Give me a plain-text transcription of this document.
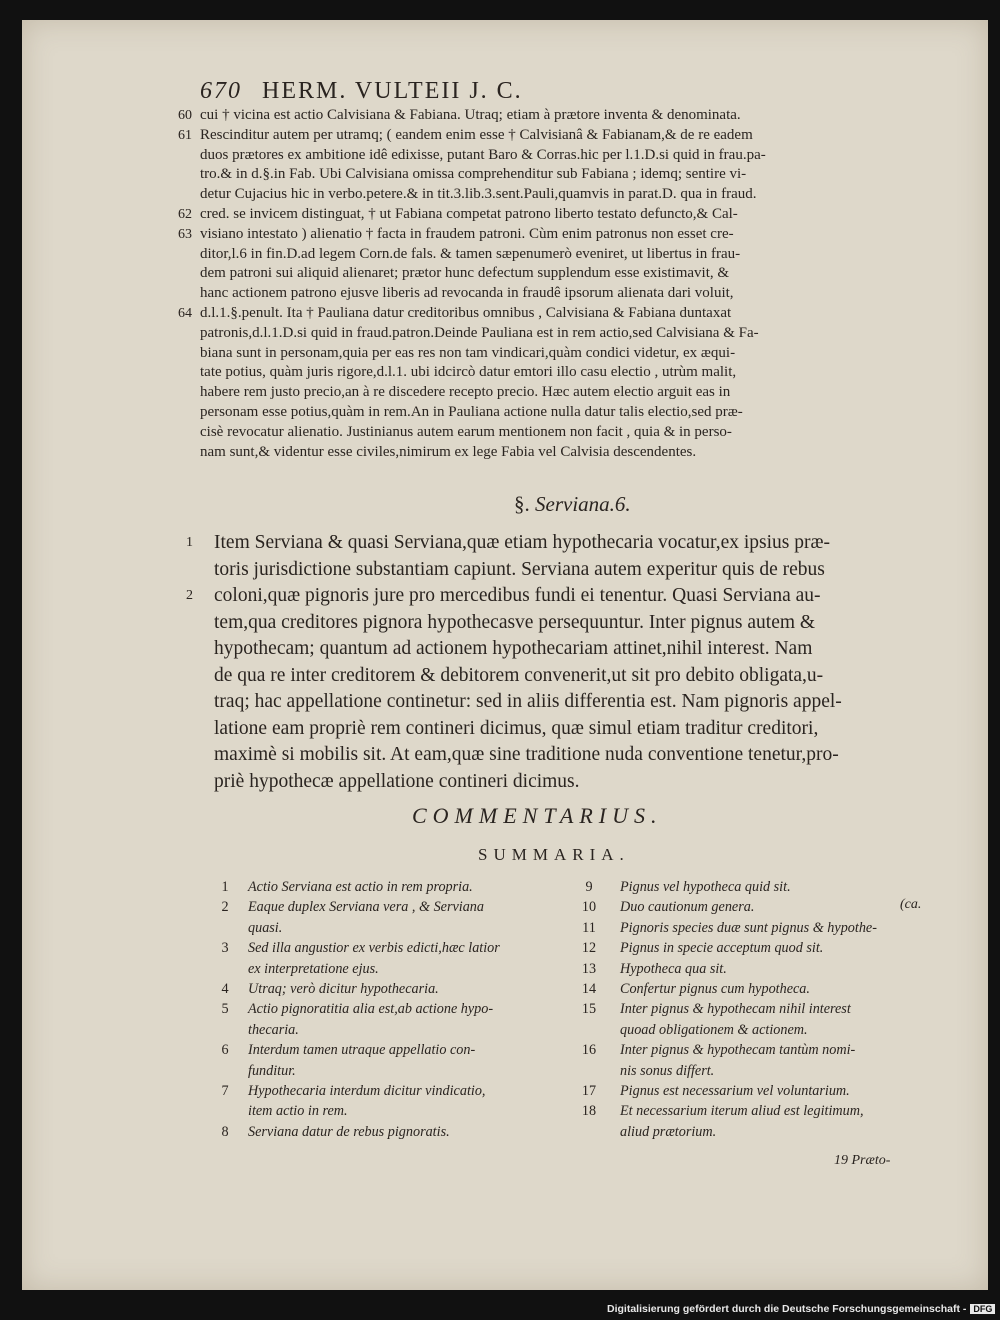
670 HERM. VULTEII J. C.
60 cui † vicina est actio Calvisiana & Fabiana. Utraq; etiam à prætore inventa & denominata.
61 Rescinditur autem per utramq; ( eandem enim esse † Calvisianâ & Fabianam,& de re eadem
duos prætores ex ambitione idê edixisse, putant Baro & Corras.hic per l.1.D.si quid in frau.pa-
tro.& in d.§.in Fab. Ubi Calvisiana omissa comprehenditur sub Fabiana ; idemq; sentire vi-
detur Cujacius hic in verbo.petere.& in tit.3.lib.3.sent.Pauli,quamvis in parat.D. qua in fraud.
62 cred. se invicem distinguat, † ut Fabiana competat patrono liberto testato defuncto,& Cal-
63 visiano intestato ) alienatio † facta in fraudem patroni. Cùm enim patronus non esset cre-
ditor,l.6 in fin.D.ad legem Corn.de fals. & tamen sæpenumerò eveniret, ut libertus in frau-
dem patroni sui aliquid alienaret; prætor hunc defectum supplendum esse existimavit, &
hanc actionem patrono ejusve liberis ad revocanda in fraudê ipsorum alienata dari voluit,
64 d.l.1.§.penult. Ita † Pauliana datur creditoribus omnibus , Calvisiana & Fabiana duntaxat
patronis,d.l.1.D.si quid in fraud.patron.Deinde Pauliana est in rem actio,sed Calvisiana & Fa-
biana sunt in personam,quia per eas res non tam vindicari,quàm condici videtur, ex æqui-
tate potius, quàm juris rigore,d.l.1. ubi idcircò datur emtori illo casu electio , utrùm malit,
habere rem justo precio,an à re discedere recepto precio. Hæc autem electio arguit eas in
personam esse potius,quàm in rem.An in Pauliana actione nulla datur talis electio,sed præ-
cisè revocatur alienatio. Justinianus autem earum mentionem non facit , quia & in perso-
nam sunt,& videntur esse civiles,nimirum ex lege Fabia vel Calvisia descendentes.
§. Serviana.6.
1 Item Serviana & quasi Serviana,quæ etiam hypothecaria vocatur,ex ipsius præ-
toris jurisdictione substantiam capiunt. Serviana autem experitur quis de rebus
2 coloni,quæ pignoris jure pro mercedibus fundi ei tenentur. Quasi Serviana au-
tem,qua creditores pignora hypothecasve persequuntur. Inter pignus autem &
hypothecam; quantum ad actionem hypothecariam attinet,nihil interest. Nam
de qua re inter creditorem & debitorem convenerit,ut sit pro debito obligata,u-
traq; hac appellatione continetur: sed in aliis differentia est. Nam pignoris appel-
latione eam propriè rem contineri dicimus, quæ simul etiam traditur creditori,
maximè si mobilis sit. At eam,quæ sine traditione nuda conventione tenetur,pro-
priè hypothecæ appellatione contineri dicimus.
COMMENTARIUS.
SUMMARIA.
1	Actio Serviana est actio in rem propria.
2	Eaque duplex Serviana vera , & Serviana
quasi.
3	Sed illa angustior ex verbis edicti,hæc latior
ex interpretatione ejus.
4	Utraq; verò dicitur hypothecaria.
5	Actio pignoratitia alia est,ab actione hypo-
thecaria.
6	Interdum tamen utraque appellatio con-
funditur.
7	Hypothecaria interdum dicitur vindicatio,
item actio in rem.
8	Serviana datur de rebus pignoratis.
9	Pignus vel hypotheca quid sit.
10	Duo cautionum genera.
11	Pignoris species duæ sunt pignus & hypothe-
12	Pignus in specie acceptum quod sit.
13	Hypotheca qua sit.
14	Confertur pignus cum hypotheca.
15	Inter pignus & hypothecam nihil interest
quoad obligationem & actionem.
16	Inter pignus & hypothecam tantùm nomi-
nis sonus differt.
17	Pignus est necessarium vel voluntarium.
18	Et necessarium iterum aliud est legitimum,
aliud prætorium.
(ca.
19 Præto-
Digitalisierung gefördert durch die Deutsche Forschungsgemeinschaft - DFG
